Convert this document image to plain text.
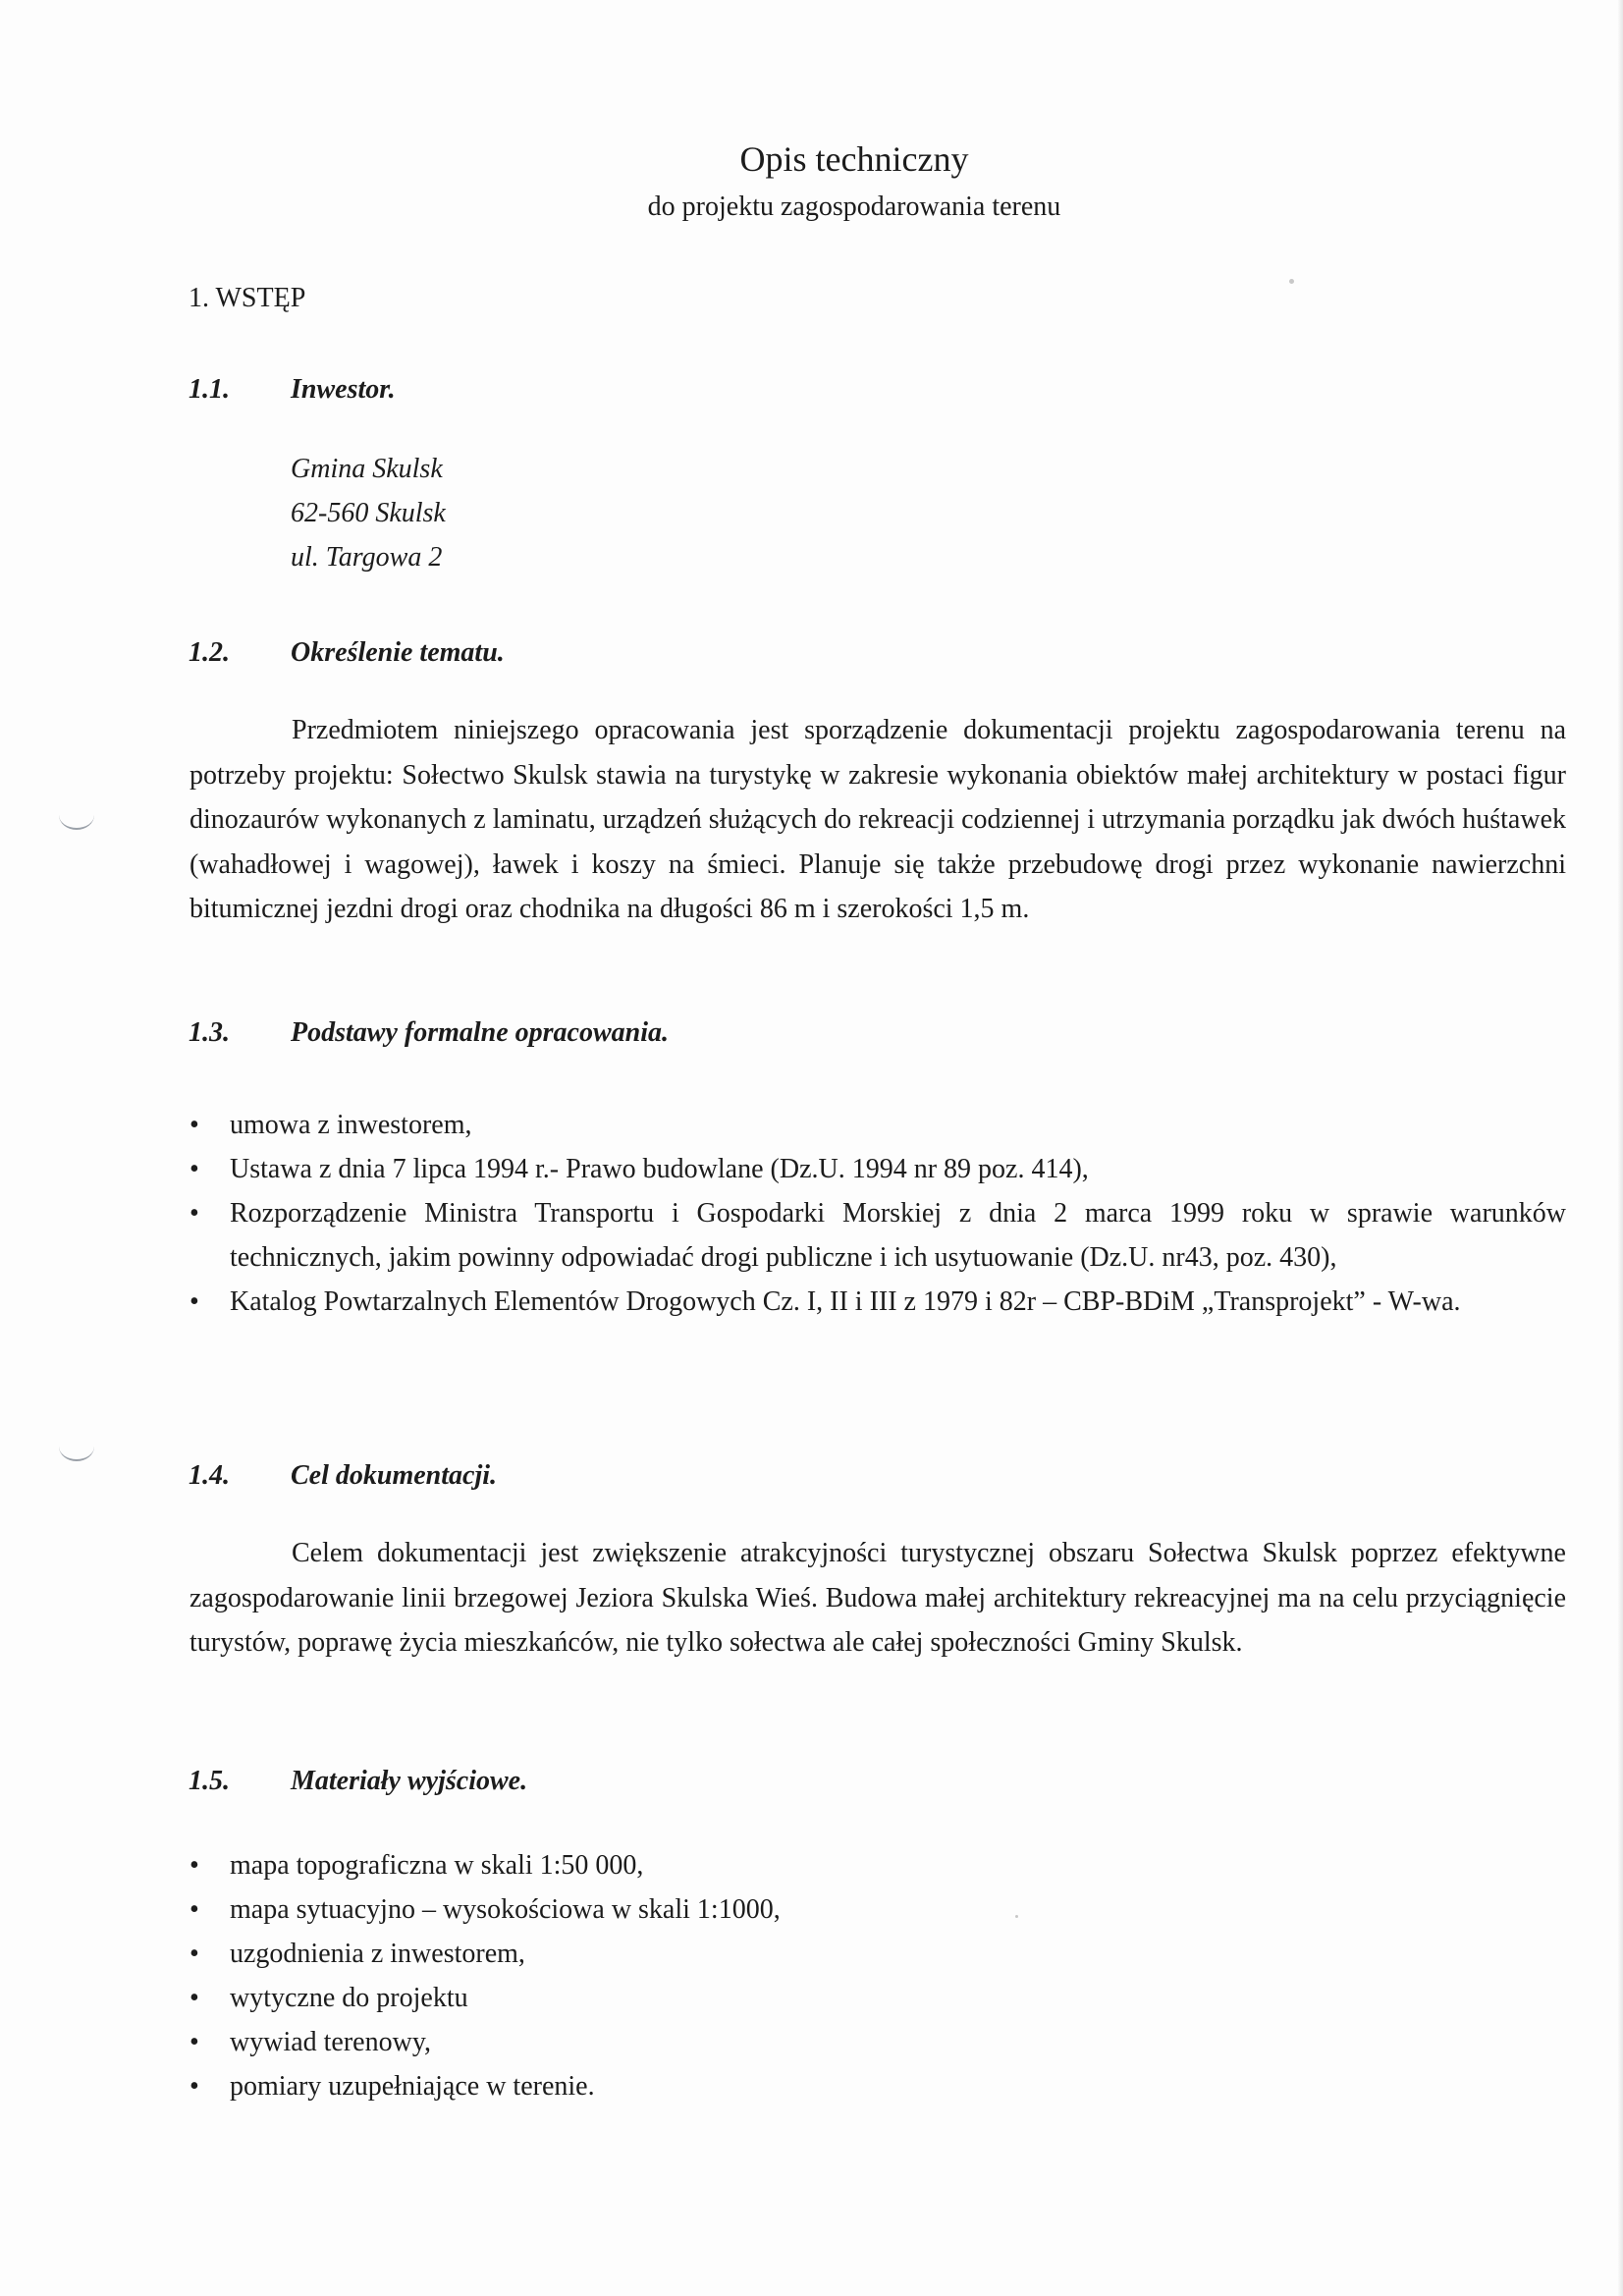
Opis techniczny
do projektu zagospodarowania terenu
1. WSTĘP
1.1. Inwestor.
Gmina Skulsk
62-560 Skulsk
ul. Targowa 2
1.2. Określenie tematu.

Przedmiotem niniejszego opracowania jest sporządzenie dokumentacji projektu zagospodarowania terenu na potrzeby projektu: Sołectwo Skulsk stawia na turystykę w zakresie wykonania obiektów małej architektury w postaci figur dinozaurów wykonanych z laminatu, urządzeń służących do rekreacji codziennej i utrzymania porządku jak dwóch huśtawek (wahadłowej i wagowej), ławek i koszy na śmieci. Planuje się także przebudowę drogi przez wykonanie nawierzchni bitumicznej jezdni drogi oraz chodnika na długości 86 m i szerokości 1,5 m.

1.3. Podstawy formalne opracowania.
• umowa z inwestorem,
• Ustawa z dnia 7 lipca 1994 r.- Prawo budowlane (Dz.U. 1994 nr 89 poz. 414),
• Rozporządzenie Ministra Transportu i Gospodarki Morskiej z dnia 2 marca 1999 roku w sprawie warunków technicznych, jakim powinny odpowiadać drogi publiczne i ich usytuowanie (Dz.U. nr43, poz. 430),
• Katalog Powtarzalnych Elementów Drogowych Cz. I, II i III z 1979 i 82r – CBP-BDiM „Transprojekt” - W-wa.
1.4. Cel dokumentacji.

Celem dokumentacji jest zwiększenie atrakcyjności turystycznej obszaru Sołectwa Skulsk poprzez efektywne zagospodarowanie linii brzegowej Jeziora Skulska Wieś. Budowa małej architektury rekreacyjnej ma na celu przyciągnięcie turystów, poprawę życia mieszkańców, nie tylko sołectwa ale całej społeczności Gminy Skulsk.

1.5. Materiały wyjściowe.
• mapa topograficzna w skali 1:50 000,
• mapa sytuacyjno – wysokościowa w skali 1:1000,
• uzgodnienia z inwestorem,
• wytyczne do projektu
• wywiad terenowy,
• pomiary uzupełniające w terenie.
